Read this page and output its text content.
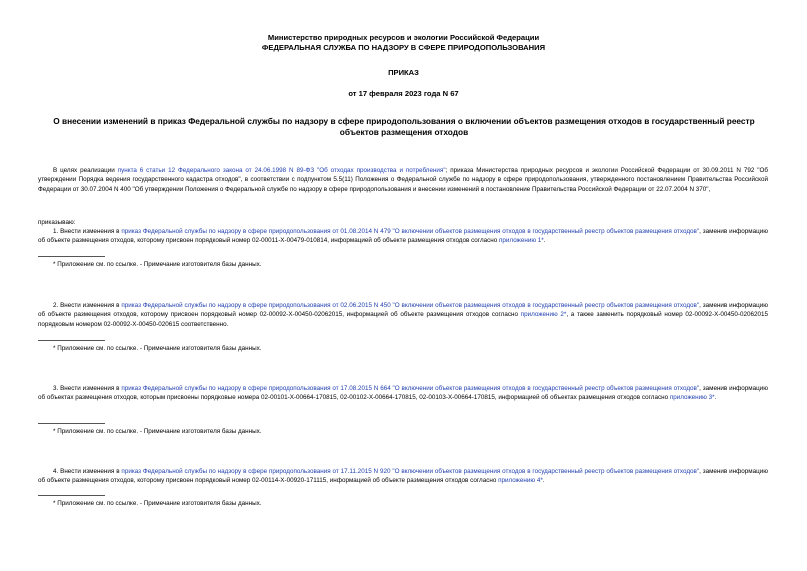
Министерство природных ресурсов и экологии Российской Федерации
ФЕДЕРАЛЬНАЯ СЛУЖБА ПО НАДЗОРУ В СФЕРЕ ПРИРОДОПОЛЬЗОВАНИЯ
ПРИКАЗ
от 17 февраля 2023 года N 67
О внесении изменений в приказ Федеральной службы по надзору в сфере природопользования о включении объектов размещения отходов в государственный реестр объектов размещения отходов
В целях реализации пункта 6 статьи 12 Федерального закона от 24.06.1998 N 89-ФЗ "Об отходах производства и потребления"; приказа Министерства природных ресурсов и экологии Российской Федерации от 30.09.2011 N 792 "Об утверждении Порядка ведения государственного кадастра отходов", в соответствии с подпунктом 5.5(11) Положения о Федеральной службе по надзору в сфере природопользования, утвержденного постановлением Правительства Российской Федерации от 30.07.2004 N 400 "Об утверждении Положения о Федеральной службе по надзору в сфере природопользования и внесении изменений в постановление Правительства Российской Федерации от 22.07.2004 N 370",
приказываю:
1. Внести изменения в приказ Федеральной службы по надзору в сфере природопользования от 01.08.2014 N 479 "О включении объектов размещения отходов в государственный реестр объектов размещения отходов", заменив информацию об объекте размещения отходов, которому присвоен порядковый номер 02-00011-Х-00479-010814, информацией об объекте размещения отходов согласно приложению 1*.
* Приложение см. по ссылке. - Примечание изготовителя базы данных.
2. Внести изменения в приказ Федеральной службы по надзору в сфере природопользования от 02.06.2015 N 450 "О включении объектов размещения отходов в государственный реестр объектов размещения отходов", заменив информацию об объекте размещения отходов, которому присвоен порядковый номер 02-00092-Х-00450-02062015, информацией об объекте размещения отходов согласно приложению 2*, а также заменить порядковый номер 02-00092-Х-00450-02062015 порядковым номером 02-00092-Х-00450-020615 соответственно.
* Приложение см. по ссылке. - Примечание изготовителя базы данных.
3. Внести изменения в приказ Федеральной службы по надзору в сфере природопользования от 17.08.2015 N 664 "О включении объектов размещения отходов в государственный реестр объектов размещения отходов", заменив информацию об объектах размещения отходов, которым присвоены порядковые номера 02-00101-Х-00664-170815, 02-00102-Х-00664-170815, 02-00103-Х-00664-170815, информацией об объектах размещения отходов согласно приложению 3*.
* Приложение см. по ссылке. - Примечание изготовителя базы данных.
4. Внести изменения в приказ Федеральной службы по надзору в сфере природопользования от 17.11.2015 N 920 "О включении объектов размещения отходов в государственный реестр объектов размещения отходов", заменив информацию об объекте размещения отходов, которому присвоен порядковый номер 02-00114-Х-00920-171115, информацией об объекте размещения отходов согласно приложению 4*.
* Приложение см. по ссылке. - Примечание изготовителя базы данных.
